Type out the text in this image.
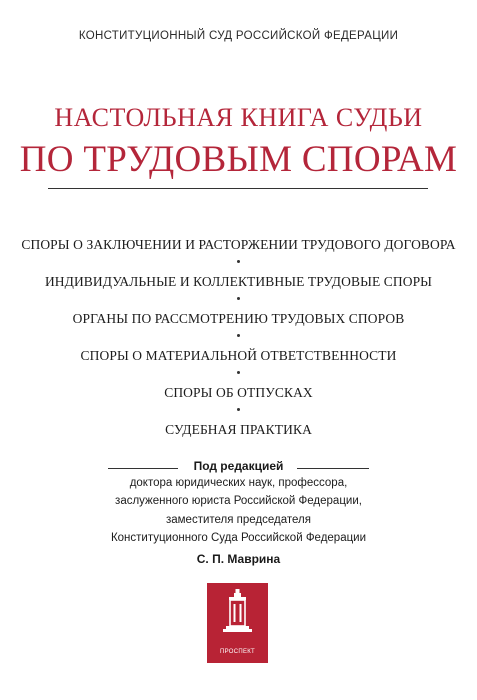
КОНСТИТУЦИОННЫЙ СУД РОССИЙСКОЙ ФЕДЕРАЦИИ
НАСТОЛЬНАЯ КНИГА СУДЬИ
ПО ТРУДОВЫМ СПОРАМ
СПОРЫ О ЗАКЛЮЧЕНИИ И РАСТОРЖЕНИИ ТРУДОВОГО ДОГОВОРА
ИНДИВИДУАЛЬНЫЕ И КОЛЛЕКТИВНЫЕ ТРУДОВЫЕ СПОРЫ
ОРГАНЫ ПО РАССМОТРЕНИЮ ТРУДОВЫХ СПОРОВ
СПОРЫ О МАТЕРИАЛЬНОЙ ОТВЕТСТВЕННОСТИ
СПОРЫ ОБ ОТПУСКАХ
СУДЕБНАЯ ПРАКТИКА
Под редакцией
доктора юридических наук, профессора,
заслуженного юриста Российской Федерации,
заместителя председателя
Конституционного Суда Российской Федерации
С. П. Маврина
ПРОСПЕКТ
